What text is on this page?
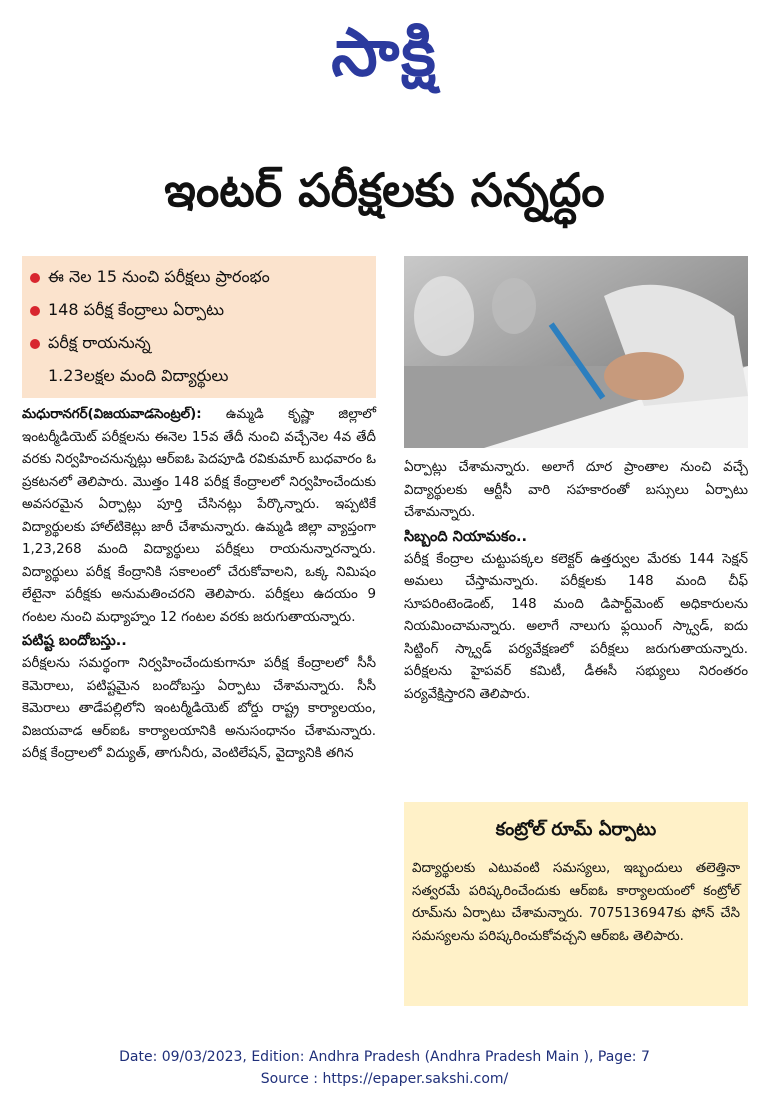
సాక్షి
ఇంటర్ పరీక్షలకు సన్నద్ధం
ఈ నెల 15 నుంచి పరీక్షలు ప్రారంభం
148 పరీక్ష కేంద్రాలు ఏర్పాటు
పరీక్ష రాయనున్న
1.23లక్షల మంది విద్యార్థులు

మధురానగర్(విజయవాడసెంట్రల్): ఉమ్మడి కృష్ణా జిల్లాలో ఇంటర్మీడియెట్ పరీక్షలను ఈనెల 15వ తేదీ నుంచి వచ్చేనెల 4వ తేదీ వరకు నిర్వహించనున్నట్లు ఆర్ఐఓ పెదపూడి రవికుమార్ బుధవారం ఓ ప్రకటనలో తెలిపారు. మొత్తం 148 పరీక్ష కేంద్రాలలో నిర్వహించేందుకు అవసరమైన ఏర్పాట్లు పూర్తి చేసినట్లు పేర్కొన్నారు. ఇప్పటికే విద్యార్థులకు హాల్‌టికెట్లు జారీ చేశామన్నారు. ఉమ్మడి జిల్లా వ్యాప్తంగా 1,23,268 మంది విద్యార్థులు పరీక్షలు రాయనున్నారన్నారు. విద్యార్థులు పరీక్ష కేంద్రానికి సకాలంలో చేరుకోవాలని, ఒక్క నిమిషం లేటైనా పరీక్షకు అనుమతించరని తెలిపారు. పరీక్షలు ఉదయం 9 గంటల నుంచి మధ్యాహ్నం 12 గంటల వరకు జరుగుతాయన్నారు.

పటిష్ట బందోబస్తు..

పరీక్షలను సమర్థంగా నిర్వహించేందుకుగానూ పరీక్ష కేంద్రాలలో సీసీ కెమెరాలు, పటిష్టమైన బందోబస్తు ఏర్పాటు చేశామన్నారు. సీసీ కెమెరాలు తాడేపల్లిలోని ఇంటర్మీడియెట్ బోర్డు రాష్ట్ర కార్యాలయం, విజయవాడ ఆర్ఐఓ కార్యాలయానికి అనుసంధానం చేశామన్నారు. పరీక్ష కేంద్రాలలో విద్యుత్, తాగునీరు, వెంటిలేషన్, వైద్యానికి తగిన

ఏర్పాట్లు చేశామన్నారు. అలాగే దూర ప్రాంతాల నుంచి వచ్చే విద్యార్థులకు ఆర్టీసీ వారి సహకారంతో బస్సులు ఏర్పాటు చేశామన్నారు.

సిబ్బంది నియామకం..

పరీక్ష కేంద్రాల చుట్టుపక్కల కలెక్టర్ ఉత్తర్వుల మేరకు 144 సెక్షన్ అమలు చేస్తామన్నారు. పరీక్షలకు 148 మంది చీఫ్ సూపరింటెండెంట్, 148 మంది డిపార్ట్‌మెంట్ అధికారులను నియమించామన్నారు. అలాగే నాలుగు ఫ్లయింగ్ స్క్వాడ్, ఐదు సిట్టింగ్ స్క్వాడ్ పర్యవేక్షణలో పరీక్షలు జరుగుతాయన్నారు. పరీక్షలను హైపవర్ కమిటీ, డీఈసీ సభ్యులు నిరంతరం పర్యవేక్షిస్తారని తెలిపారు.

కంట్రోల్ రూమ్ ఏర్పాటు
విద్యార్థులకు ఎటువంటి సమస్యలు, ఇబ్బందులు తలెత్తినా సత్వరమే పరిష్కరించేందుకు ఆర్ఐఓ కార్యాలయంలో కంట్రోల్ రూమ్‌ను ఏర్పాటు చేశామన్నారు. 7075136947కు ఫోన్ చేసి సమస్యలను పరిష్కరించుకోవచ్చని ఆర్ఐఓ తెలిపారు.
Date: 09/03/2023, Edition: Andhra Pradesh (Andhra Pradesh Main ), Page: 7
Source : https://epaper.sakshi.com/
